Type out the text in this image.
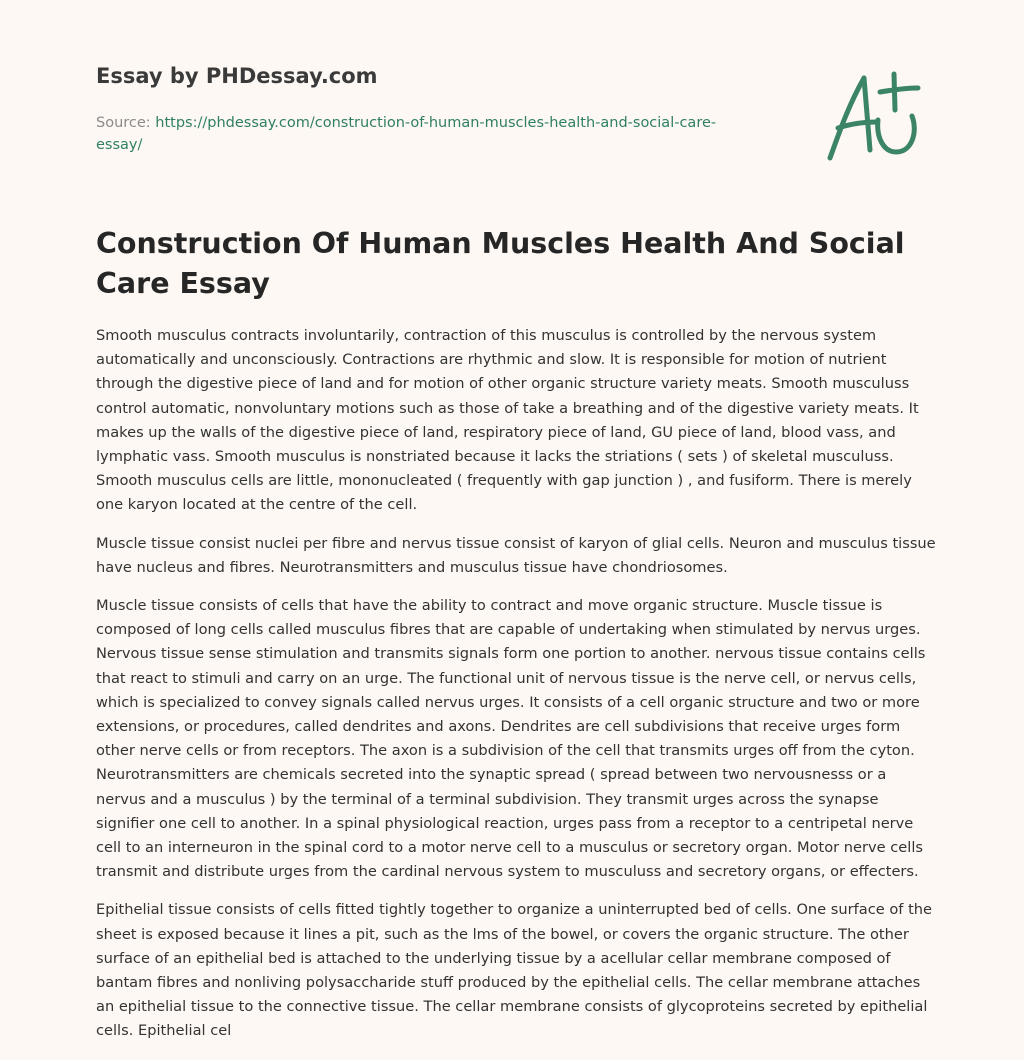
Essay by PHDessay.com
Source: https://phdessay.com/construction-of-human-muscles-health-and-social-care-essay/
Construction Of Human Muscles Health And Social Care Essay

Smooth musculus contracts involuntarily, contraction of this musculus is controlled by the nervous system automatically and unconsciously. Contractions are rhythmic and slow. It is responsible for motion of nutrient through the digestive piece of land and for motion of other organic structure variety meats. Smooth musculuss control automatic, nonvoluntary motions such as those of take a breathing and of the digestive variety meats. It makes up the walls of the digestive piece of land, respiratory piece of land, GU piece of land, blood vass, and lymphatic vass. Smooth musculus is nonstriated because it lacks the striations ( sets ) of skeletal musculuss. Smooth musculus cells are little, mononucleated ( frequently with gap junction ) , and fusiform. There is merely one karyon located at the centre of the cell.

Muscle tissue consist nuclei per fibre and nervus tissue consist of karyon of glial cells. Neuron and musculus tissue have nucleus and fibres. Neurotransmitters and musculus tissue have chondriosomes.

Muscle tissue consists of cells that have the ability to contract and move organic structure. Muscle tissue is composed of long cells called musculus fibres that are capable of undertaking when stimulated by nervus urges. Nervous tissue sense stimulation and transmits signals form one portion to another. nervous tissue contains cells that react to stimuli and carry on an urge. The functional unit of nervous tissue is the nerve cell, or nervus cells, which is specialized to convey signals called nervus urges. It consists of a cell organic structure and two or more extensions, or procedures, called dendrites and axons. Dendrites are cell subdivisions that receive urges form other nerve cells or from receptors. The axon is a subdivision of the cell that transmits urges off from the cyton. Neurotransmitters are chemicals secreted into the synaptic spread ( spread between two nervousnesss or a nervus and a musculus ) by the terminal of a terminal subdivision. They transmit urges across the synapse signifier one cell to another. In a spinal physiological reaction, urges pass from a receptor to a centripetal nerve cell to an interneuron in the spinal cord to a motor nerve cell to a musculus or secretory organ. Motor nerve cells transmit and distribute urges from the cardinal nervous system to musculuss and secretory organs, or effecters.

Epithelial tissue consists of cells fitted tightly together to organize a uninterrupted bed of cells. One surface of the sheet is exposed because it lines a pit, such as the lms of the bowel, or covers the organic structure. The other surface of an epithelial bed is attached to the underlying tissue by a acellular cellar membrane composed of bantam fibres and nonliving polysaccharide stuff produced by the epithelial cells. The cellar membrane attaches an epithelial tissue to the connective tissue. The cellar membrane consists of glycoproteins secreted by epithelial cells. Epithelial cel
